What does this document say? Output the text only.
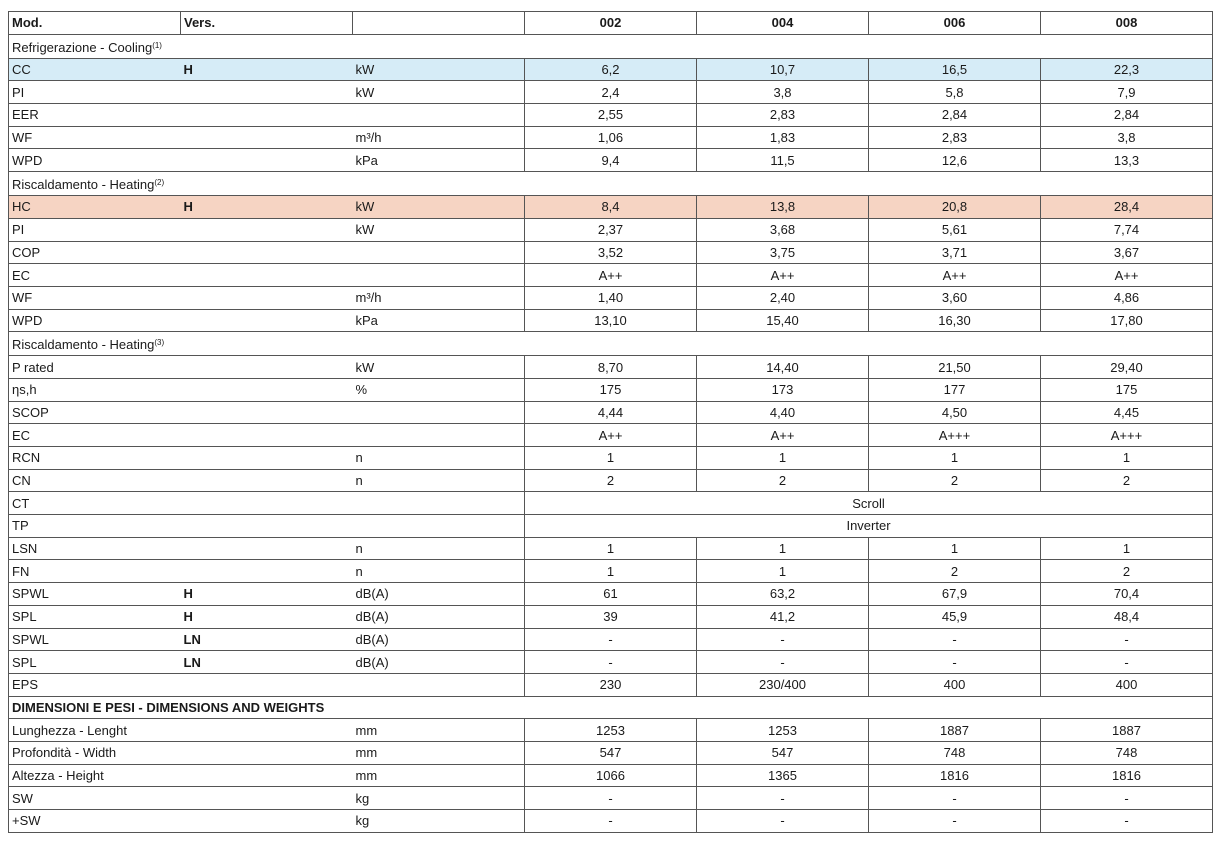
Mod.	Vers.		002	004	006	008
Refrigerazione - Cooling$^{(1)}$
CC	H	kW	6,2	10,7	16,5	22,3
PI		kW	2,4	3,8	5,8	7,9
EER			2,55	2,83	2,84	2,84
WF		m³/h	1,06	1,83	2,83	3,8
WPD		kPa	9,4	11,5	12,6	13,3
Riscaldamento - Heating$^{(2)}$
HC	H	kW	8,4	13,8	20,8	28,4
PI		kW	2,37	3,68	5,61	7,74
COP			3,52	3,75	3,71	3,67
EC			A++	A++	A++	A++
WF		m³/h	1,40	2,40	3,60	4,86
WPD		kPa	13,10	15,40	16,30	17,80
Riscaldamento - Heating$^{(3)}$
P rated		kW	8,70	14,40	21,50	29,40
ηs,h		%	175	173	177	175
SCOP			4,44	4,40	4,50	4,45
EC			A++	A++	A+++	A+++
RCN		n	1	1	1	1
CN		n	2	2	2	2
CT			Scroll			
TP			Inverter			
LSN		n	1	1	1	1
FN		n	1	1	2	2
SPWL	H	dB(A)	61	63,2	67,9	70,4
SPL	H	dB(A)	39	41,2	45,9	48,4
SPWL	LN	dB(A)	-	-	-	-
SPL	LN	dB(A)	-	-	-	-
EPS			230	230/400	400	400
DIMENSIONI E PESI - DIMENSIONS AND WEIGHTS						
Lunghezza - Lenght		mm	1253	1253	1887	1887
Profondità - Width		mm	547	547	748	748
Altezza - Height		mm	1066	1365	1816	1816
SW		kg	-	-	-	-
+SW		kg	-	-	-	-
